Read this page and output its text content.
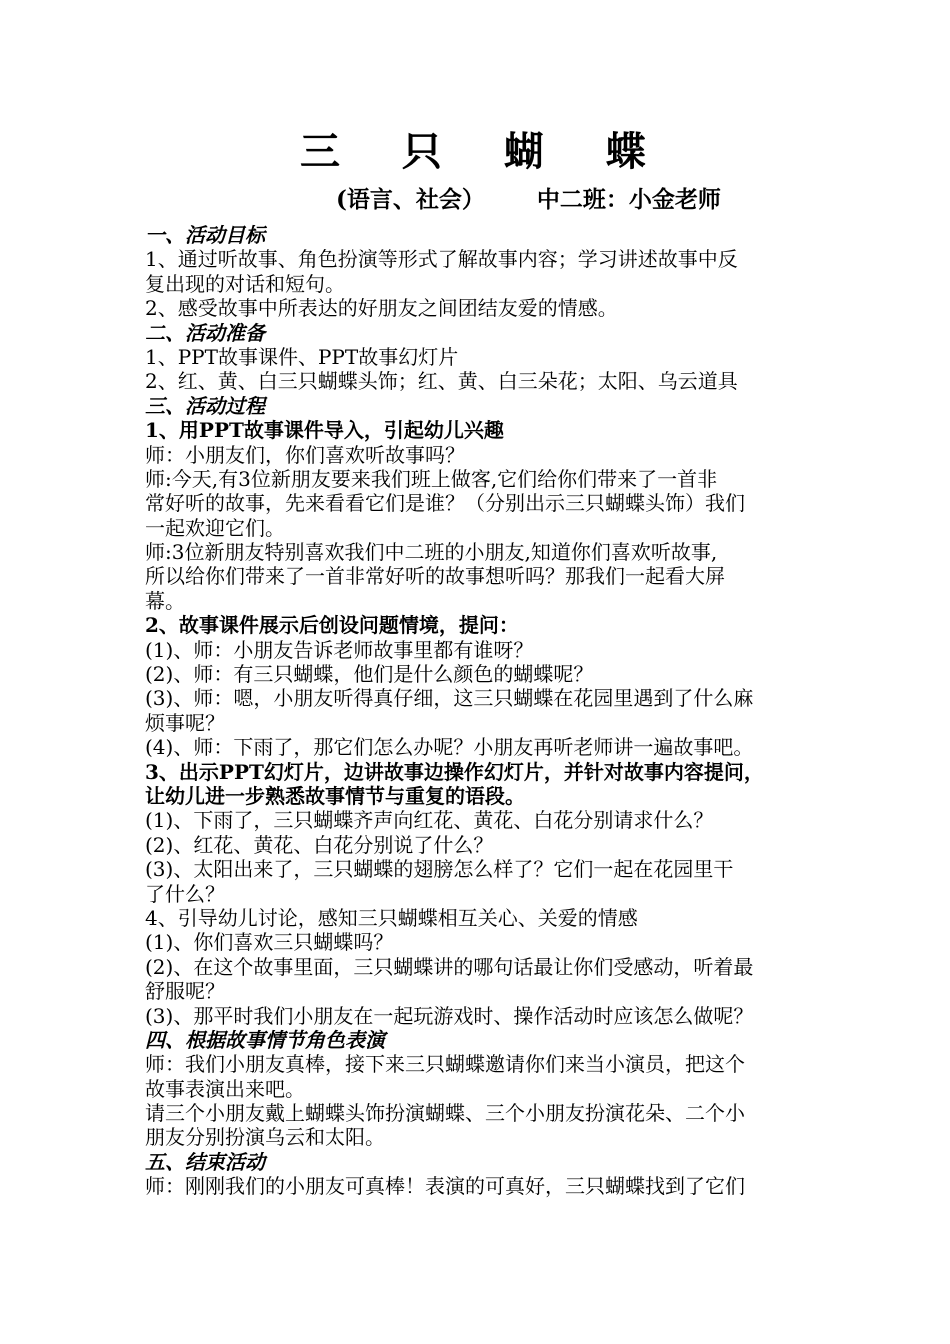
三 只 蝴 蝶
(语言、社会） 中二班：小金老师
一、活动目标
1、通过听故事、角色扮演等形式了解故事内容；学习讲述故事中反
复出现的对话和短句。
2、感受故事中所表达的好朋友之间团结友爱的情感。
二、活动准备
1、PPT故事课件、PPT故事幻灯片
2、红、黄、白三只蝴蝶头饰；红、黄、白三朵花；太阳、乌云道具
三、活动过程
1、用PPT故事课件导入，引起幼儿兴趣
师：小朋友们，你们喜欢听故事吗？
师:今天,有3位新朋友要来我们班上做客,它们给你们带来了一首非
常好听的故事，先来看看它们是谁？（分别出示三只蝴蝶头饰）我们
一起欢迎它们。
师:3位新朋友特别喜欢我们中二班的小朋友,知道你们喜欢听故事,
所以给你们带来了一首非常好听的故事想听吗？那我们一起看大屏
幕。
2、故事课件展示后创设问题情境，提问：
(1)、师：小朋友告诉老师故事里都有谁呀？
(2)、师：有三只蝴蝶，他们是什么颜色的蝴蝶呢？
(3)、师：嗯，小朋友听得真仔细，这三只蝴蝶在花园里遇到了什么麻
烦事呢？
(4)、师：下雨了，那它们怎么办呢？小朋友再听老师讲一遍故事吧。
3、出示PPT幻灯片，边讲故事边操作幻灯片，并针对故事内容提问，
让幼儿进一步熟悉故事情节与重复的语段。
(1)、下雨了，三只蝴蝶齐声向红花、黄花、白花分别请求什么？
(2)、红花、黄花、白花分别说了什么？
(3)、太阳出来了，三只蝴蝶的翅膀怎么样了？它们一起在花园里干
了什么？
4、引导幼儿讨论，感知三只蝴蝶相互关心、关爱的情感
(1)、你们喜欢三只蝴蝶吗？
(2)、在这个故事里面，三只蝴蝶讲的哪句话最让你们受感动，听着最
舒服呢？
(3)、那平时我们小朋友在一起玩游戏时、操作活动时应该怎么做呢？
四、根据故事情节角色表演
师：我们小朋友真棒，接下来三只蝴蝶邀请你们来当小演员，把这个
故事表演出来吧。
请三个小朋友戴上蝴蝶头饰扮演蝴蝶、三个小朋友扮演花朵、二个小
朋友分别扮演乌云和太阳。
五、结束活动
师：刚刚我们的小朋友可真棒！表演的可真好，三只蝴蝶找到了它们
